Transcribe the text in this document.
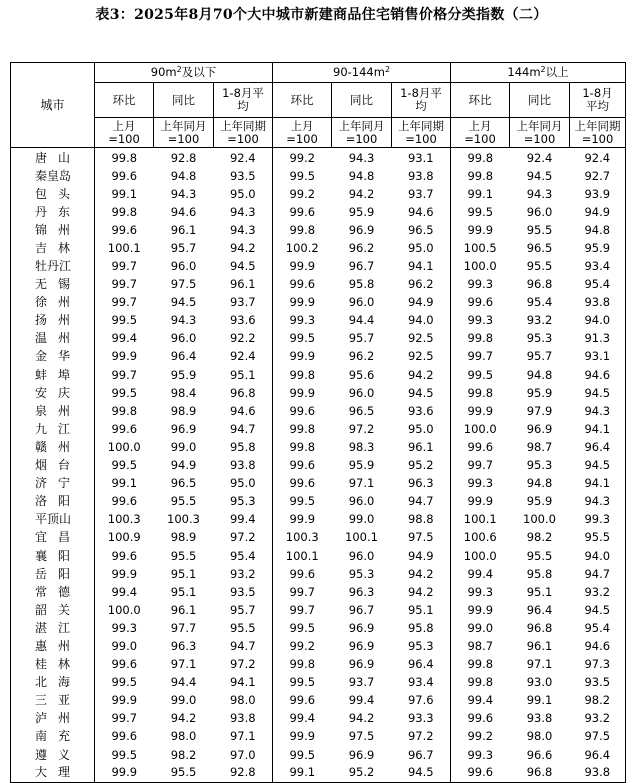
表3：2025年8月70个大中城市新建商品住宅销售价格分类指数（二）
城市	$90m^2$及以下			$90-144m^2$			$144m^2$以上		
	环比	同比	1-8月平均	环比	同比	1-8月平均	环比	同比	1-8月平均
	上月=100	上年同月=100	上年同期=100	上月=100	上年同月=100	上年同期=100	上月=100	上年同月=100	上年同期=100
唐山	99.8	92.8	92.4	99.2	94.3	93.1	99.8	92.4	92.4
秦皇岛	99.6	94.8	93.5	99.5	94.8	93.8	99.8	94.5	92.7
包头	99.1	94.3	95.0	99.2	94.2	93.7	99.1	94.3	93.9
丹东	99.8	94.6	94.3	99.6	95.9	94.6	99.5	96.0	94.9
锦州	99.6	96.1	94.3	99.8	96.9	96.5	99.9	95.5	94.8
吉林	100.1	95.7	94.2	100.2	96.2	95.0	100.5	96.5	95.9
牡丹江	99.7	96.0	94.5	99.9	96.7	94.1	100.0	95.5	93.4
无锡	99.7	97.5	96.1	99.6	95.8	96.2	99.3	96.8	95.4
徐州	99.7	94.5	93.7	99.9	96.0	94.9	99.6	95.4	93.8
扬州	99.5	94.3	93.6	99.3	94.4	94.0	99.3	93.2	94.0
温州	99.4	96.0	92.2	99.5	95.7	92.5	99.8	95.3	91.3
金华	99.9	96.4	92.4	99.9	96.2	92.5	99.7	95.7	93.1
蚌埠	99.7	95.9	95.1	99.8	95.6	94.2	99.5	94.8	94.6
安庆	99.5	98.4	96.8	99.9	96.0	94.5	99.8	95.9	94.5
泉州	99.8	98.9	94.6	99.6	96.5	93.6	99.9	97.9	94.3
九江	99.6	96.9	94.7	99.8	97.2	95.0	100.0	96.9	94.1
赣州	100.0	99.0	95.8	99.8	98.3	96.1	99.6	98.7	96.4
烟台	99.5	94.9	93.8	99.6	95.9	95.2	99.7	95.3	94.5
济宁	99.1	96.5	95.0	99.6	97.1	96.3	99.3	94.8	94.1
洛阳	99.6	95.5	95.3	99.5	96.0	94.7	99.9	95.9	94.3
平顶山	100.3	100.3	99.4	99.9	99.0	98.8	100.1	100.0	99.3
宜昌	100.9	98.9	97.2	100.3	100.1	97.5	100.6	98.2	95.5
襄阳	99.6	95.5	95.4	100.1	96.0	94.9	100.0	95.5	94.0
岳阳	99.9	95.1	93.2	99.6	95.3	94.2	99.4	95.8	94.7
常德	99.4	95.1	93.5	99.7	96.3	94.2	99.3	95.1	93.2
韶关	100.0	96.1	95.7	99.7	96.7	95.1	99.9	96.4	94.5
湛江	99.3	97.7	95.5	99.5	96.9	95.8	99.0	96.8	95.4
惠州	99.0	96.3	94.7	99.2	96.9	95.3	98.7	96.1	94.6
桂林	99.6	97.1	97.2	99.8	96.9	96.4	99.8	97.1	97.3
北海	99.5	94.4	94.1	99.5	93.7	93.4	99.8	93.0	93.5
三亚	99.9	99.0	98.0	99.6	99.4	97.6	99.4	99.1	98.2
泸州	99.7	94.2	93.8	99.4	94.2	93.3	99.6	93.8	93.2
南充	99.6	98.0	97.1	99.9	97.5	97.2	99.2	98.0	97.5
遵义	99.5	98.2	97.0	99.5	96.9	96.7	99.3	96.6	96.4
大理	99.9	95.5	92.8	99.1	95.2	94.5	99.6	96.8	93.8
